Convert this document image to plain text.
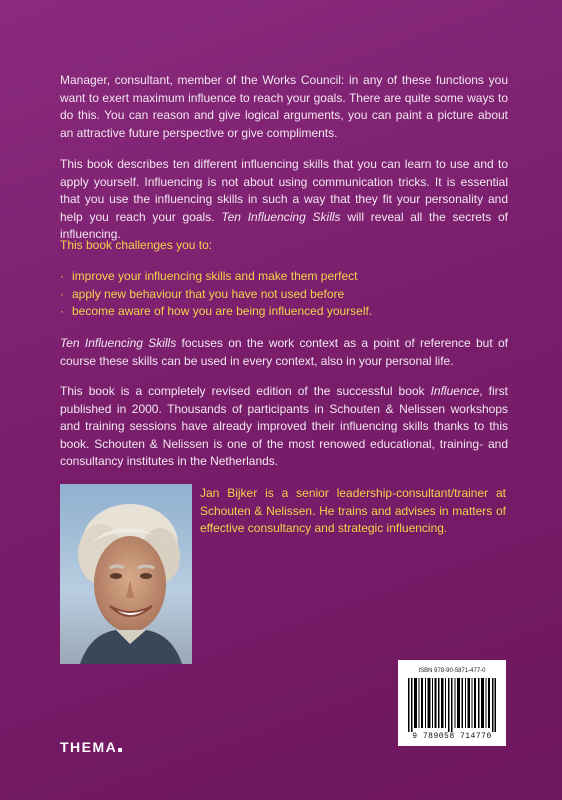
Manager, consultant, member of the Works Council: in any of these functions you want to exert maximum influence to reach your goals. There are quite some ways to do this. You can reason and give logical arguments, you can paint a picture about an attractive future perspective or give compliments.

This book describes ten different influencing skills that you can learn to use and to apply yourself. Influencing is not about using communication tricks. It is essential that you use the influencing skills in such a way that they fit your personality and help you reach your goals. Ten Influencing Skills will reveal all the secrets of influencing.

This book challenges you to:

· improve your influencing skills and make them perfect
· apply new behaviour that you have not used before
· become aware of how you are being influenced yourself.

Ten Influencing Skills focuses on the work context as a point of reference but of course these skills can be used in every context, also in your personal life.

This book is a completely revised edition of the successful book Influence, first published in 2000. Thousands of participants in Schouten & Nelissen workshops and training sessions have already improved their influencing skills thanks to this book. Schouten & Nelissen is one of the most renowed educational, training- and consultancy institutes in the Netherlands.

Jan Bijker is a senior leadership-consultant/trainer at Schouten & Nelissen. He trains and advises in matters of effective consultancy and strategic influencing.
ISBN 978-90-5871-477-0
9 789058 714770
THEMA
